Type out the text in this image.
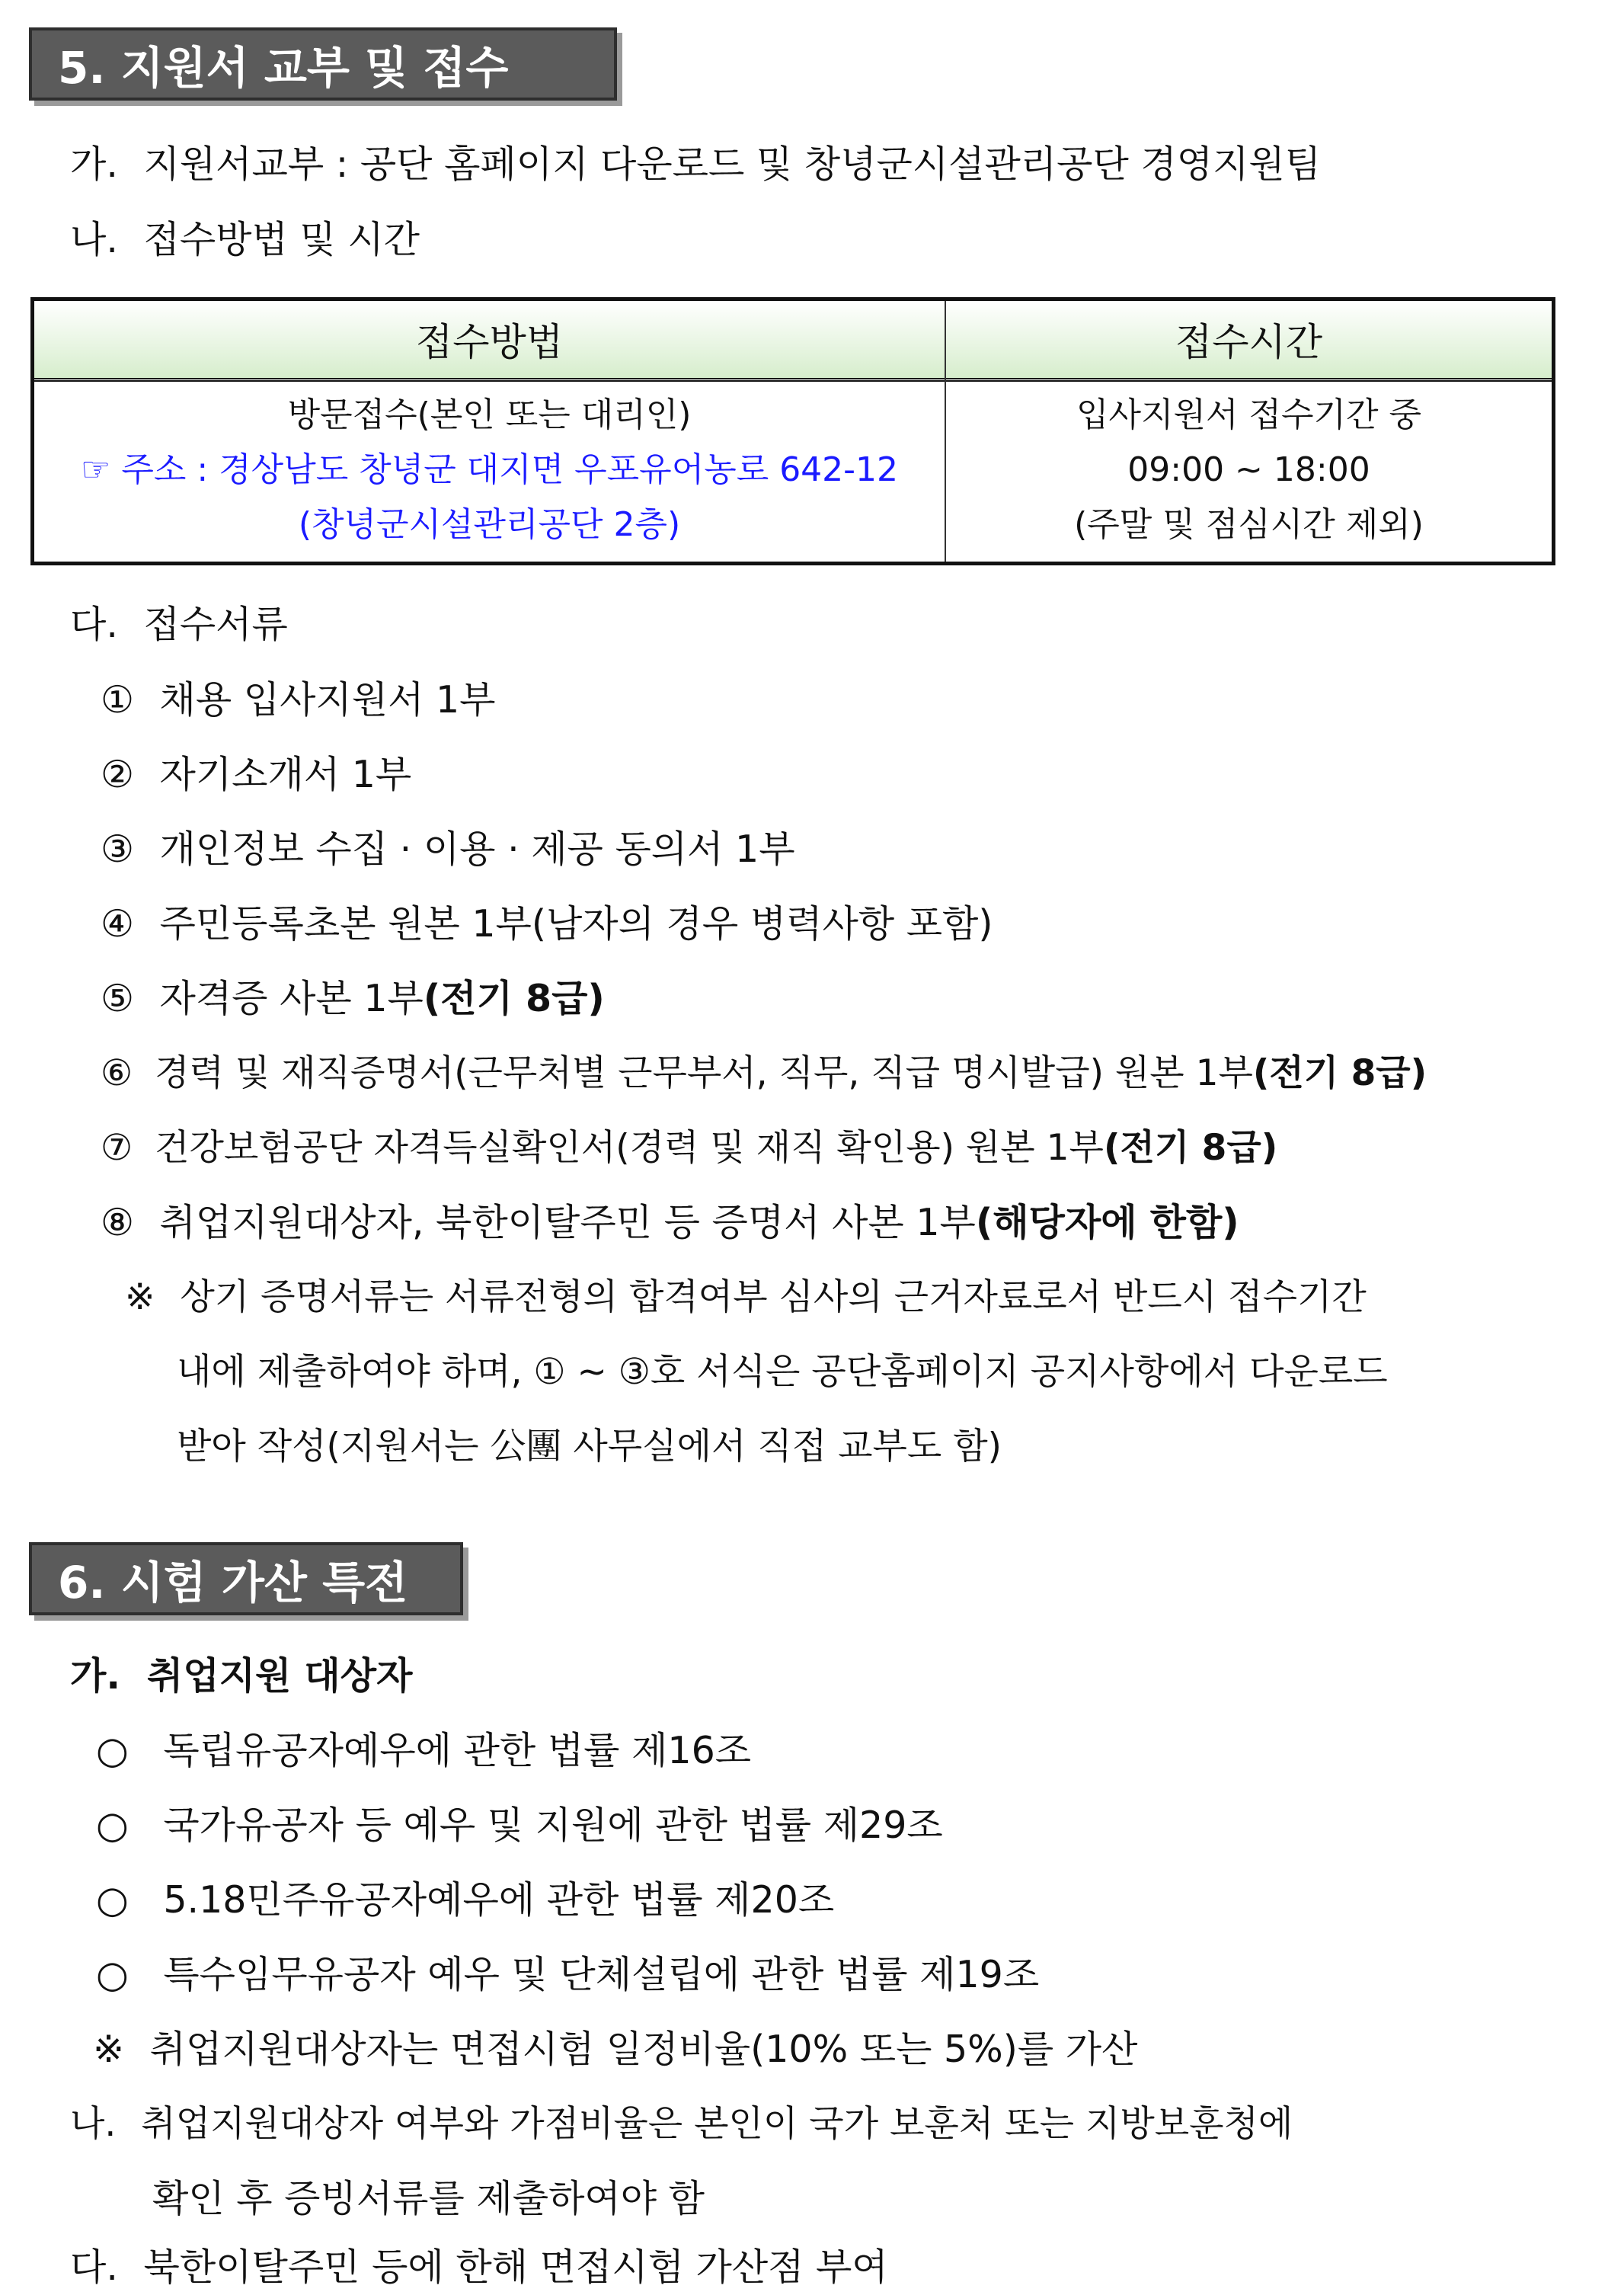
5. 지원서 교부 및 접수
가. 지원서교부 : 공단 홈페이지 다운로드 및 창녕군시설관리공단 경영지원팀
나. 접수방법 및 시간
접수방법	접수시간
방문접수(본인 또는 대리인)
☞ 주소 : 경상남도 창녕군 대지면 우포유어농로 642-12
(창녕군시설관리공단 2층)
입사지원서 접수기간 중
09:00 ~ 18:00
(주말 및 점심시간 제외)
다. 접수서류
① 채용 입사지원서 1부
② 자기소개서 1부
③ 개인정보 수집 · 이용 · 제공 동의서 1부
④ 주민등록초본 원본 1부(남자의 경우 병력사항 포함)
⑤ 자격증 사본 1부(전기 8급)
⑥ 경력 및 재직증명서(근무처별 근무부서, 직무, 직급 명시발급) 원본 1부(전기 8급)
⑦ 건강보험공단 자격득실확인서(경력 및 재직 확인용) 원본 1부(전기 8급)
⑧ 취업지원대상자, 북한이탈주민 등 증명서 사본 1부(해당자에 한함)
※ 상기 증명서류는 서류전형의 합격여부 심사의 근거자료로서 반드시 접수기간
내에 제출하여야 하며, ① ~ ③호 서식은 공단홈페이지 공지사항에서 다운로드
받아 작성(지원서는 公團 사무실에서 직접 교부도 함)
6. 시험 가산 특전
가. 취업지원 대상자
○ 독립유공자예우에 관한 법률 제16조
○ 국가유공자 등 예우 및 지원에 관한 법률 제29조
○ 5.18민주유공자예우에 관한 법률 제20조
○ 특수임무유공자 예우 및 단체설립에 관한 법률 제19조
※ 취업지원대상자는 면접시험 일정비율(10% 또는 5%)를 가산
나. 취업지원대상자 여부와 가점비율은 본인이 국가 보훈처 또는 지방보훈청에
확인 후 증빙서류를 제출하여야 함
다. 북한이탈주민 등에 한해 면접시험 가산점 부여
